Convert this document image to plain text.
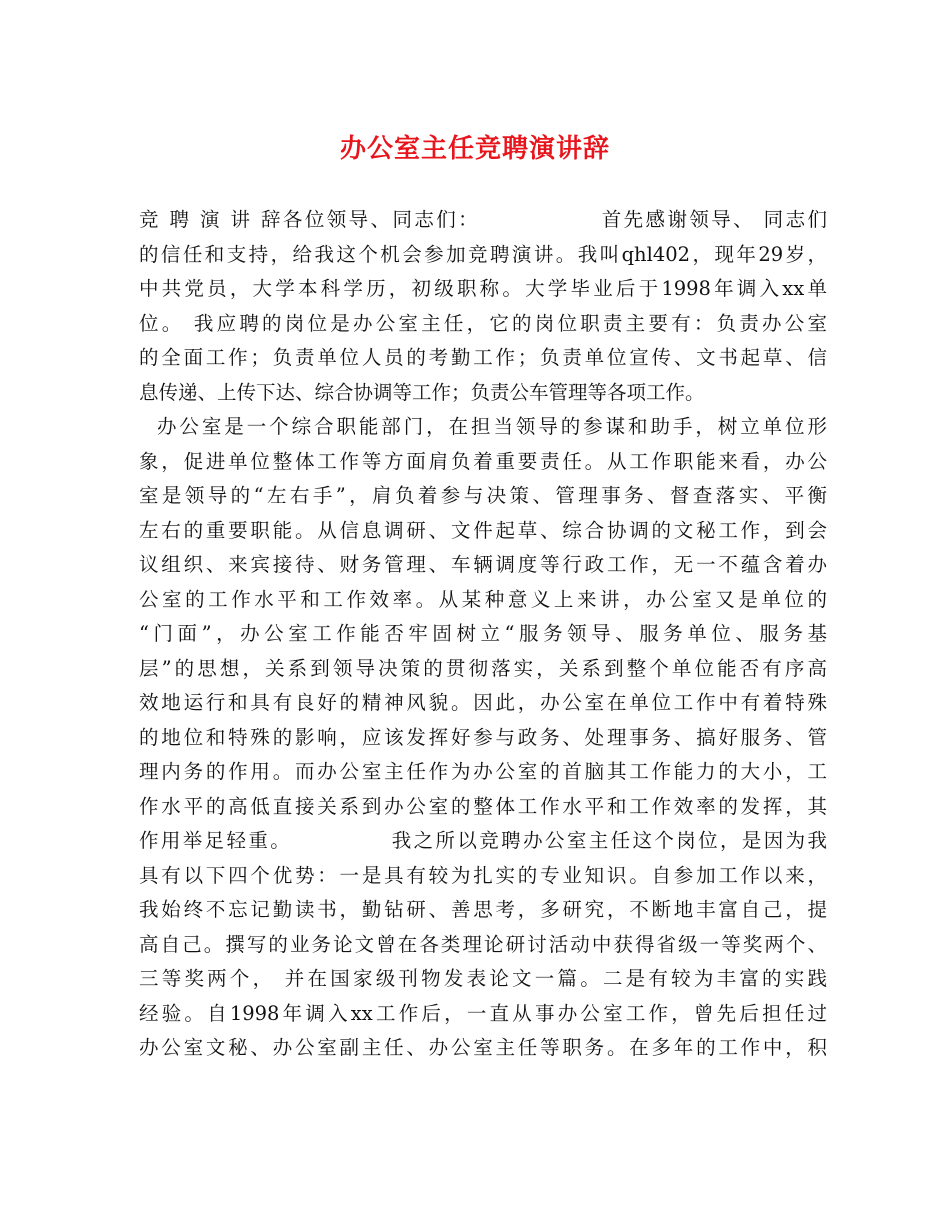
办公室主任竞聘演讲辞
竞 聘 演 讲 辞各位领导、同志们：　　　　　　首先感谢领导、 同志们
的信任和支持，给我这个机会参加竞聘演讲。我叫qhl402，现年29岁，
中共党员，大学本科学历，初级职称。大学毕业后于1998年调入xx单
位。 我应聘的岗位是办公室主任，它的岗位职责主要有：负责办公室
的全面工作；负责单位人员的考勤工作；负责单位宣传、文书起草、信
息传递、上传下达、综合协调等工作；负责公车管理等各项工作。
办公室是一个综合职能部门，在担当领导的参谋和助手，树立单位形
象，促进单位整体工作等方面肩负着重要责任。从工作职能来看，办公
室是领导的“左右手”，肩负着参与决策、管理事务、督查落实、平衡
左右的重要职能。从信息调研、文件起草、综合协调的文秘工作，到会
议组织、来宾接待、财务管理、车辆调度等行政工作，无一不蕴含着办
公室的工作水平和工作效率。从某种意义上来讲，办公室又是单位的
“门面”，办公室工作能否牢固树立“服务领导、服务单位、服务基
层”的思想，关系到领导决策的贯彻落实，关系到整个单位能否有序高
效地运行和具有良好的精神风貌。因此，办公室在单位工作中有着特殊
的地位和特殊的影响，应该发挥好参与政务、处理事务、搞好服务、管
理内务的作用。而办公室主任作为办公室的首脑其工作能力的大小，工
作水平的高低直接关系到办公室的整体工作水平和工作效率的发挥，其
作用举足轻重。　　　　　我之所以竞聘办公室主任这个岗位，是因为我
具有以下四个优势：一是具有较为扎实的专业知识。自参加工作以来，
我始终不忘记勤读书，勤钻研、善思考，多研究，不断地丰富自己，提
高自己。撰写的业务论文曾在各类理论研讨活动中获得省级一等奖两个、
三等奖两个， 并在国家级刊物发表论文一篇。二是有较为丰富的实践
经验。自1998年调入xx工作后，一直从事办公室工作，曾先后担任过
办公室文秘、办公室副主任、办公室主任等职务。在多年的工作中，积
